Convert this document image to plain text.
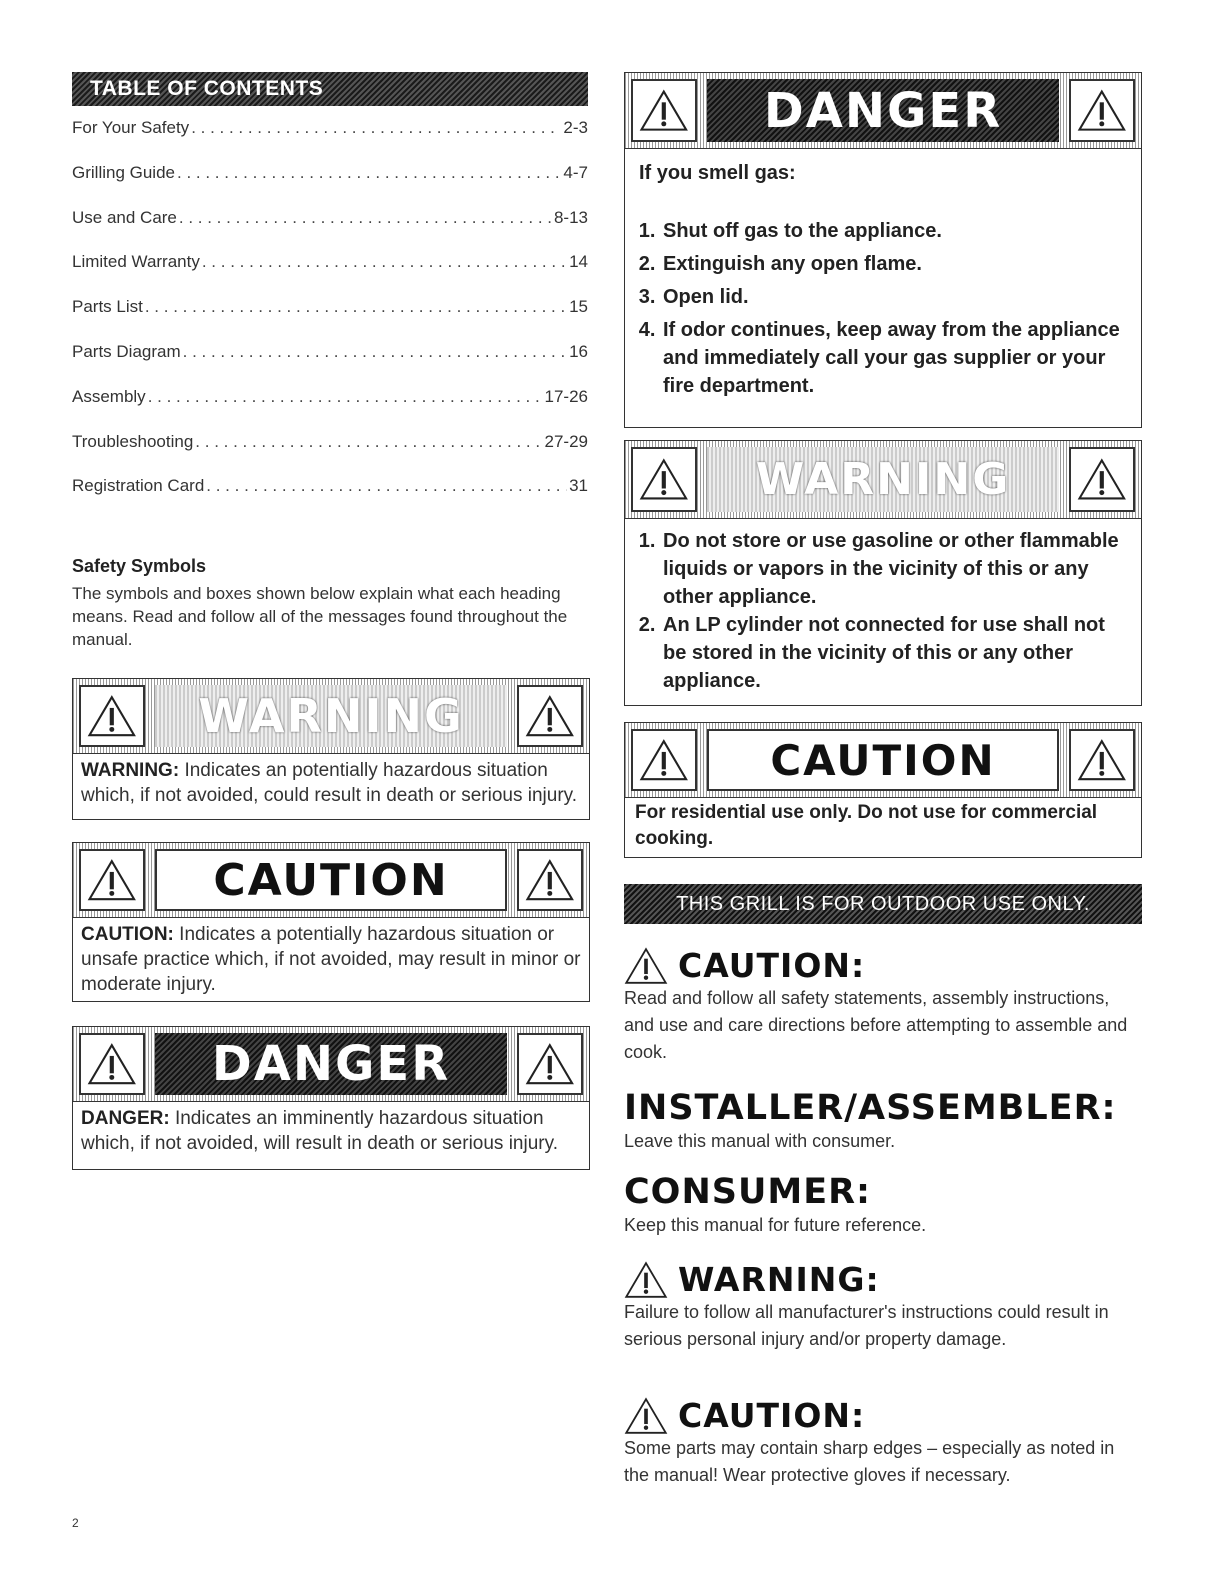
TABLE OF CONTENTS
For Your Safety . . .	2-3
Grilling Guide . . .	4-7
Use and Care . . .	8-13
Limited Warranty . . .	14
Parts List . . .	15
Parts Diagram . . .	16
Assembly . . .	17-26
Troubleshooting . . .	27-29
Registration Card . . .	31
Safety Symbols
The symbols and boxes shown below explain what each heading means. Read and follow all of the messages found throughout the manual.
WARNING
WARNING: Indicates an potentially hazardous situation which, if not avoided, could result in death or serious injury.
CAUTION
CAUTION: Indicates a potentially hazardous situation or unsafe practice which, if not avoided, may result in minor or moderate injury.
DANGER
DANGER: Indicates an imminently hazardous situation which, if not avoided, will result in death or serious injury.
DANGER
If you smell gas:
1. Shut off gas to the appliance.
2. Extinguish any open flame.
3. Open lid.
4. If odor continues, keep away from the appliance and immediately call your gas supplier or your fire department.
WARNING
1. Do not store or use gasoline or other flammable liquids or vapors in the vicinity of this or any other appliance.
2. An LP cylinder not connected for use shall not be stored in the vicinity of this or any other appliance.
CAUTION
For residential use only. Do not use for commercial cooking.
THIS GRILL IS FOR OUTDOOR USE ONLY.
CAUTION:
Read and follow all safety statements, assembly instructions, and use and care directions before attempting to assemble and cook.
INSTALLER/ASSEMBLER:
Leave this manual with consumer.
CONSUMER:
Keep this manual for future reference.
WARNING:
Failure to follow all manufacturer's instructions could result in serious personal injury and/or property damage.
CAUTION:
Some parts may contain sharp edges – especially as noted in the manual! Wear protective gloves if necessary.
2
